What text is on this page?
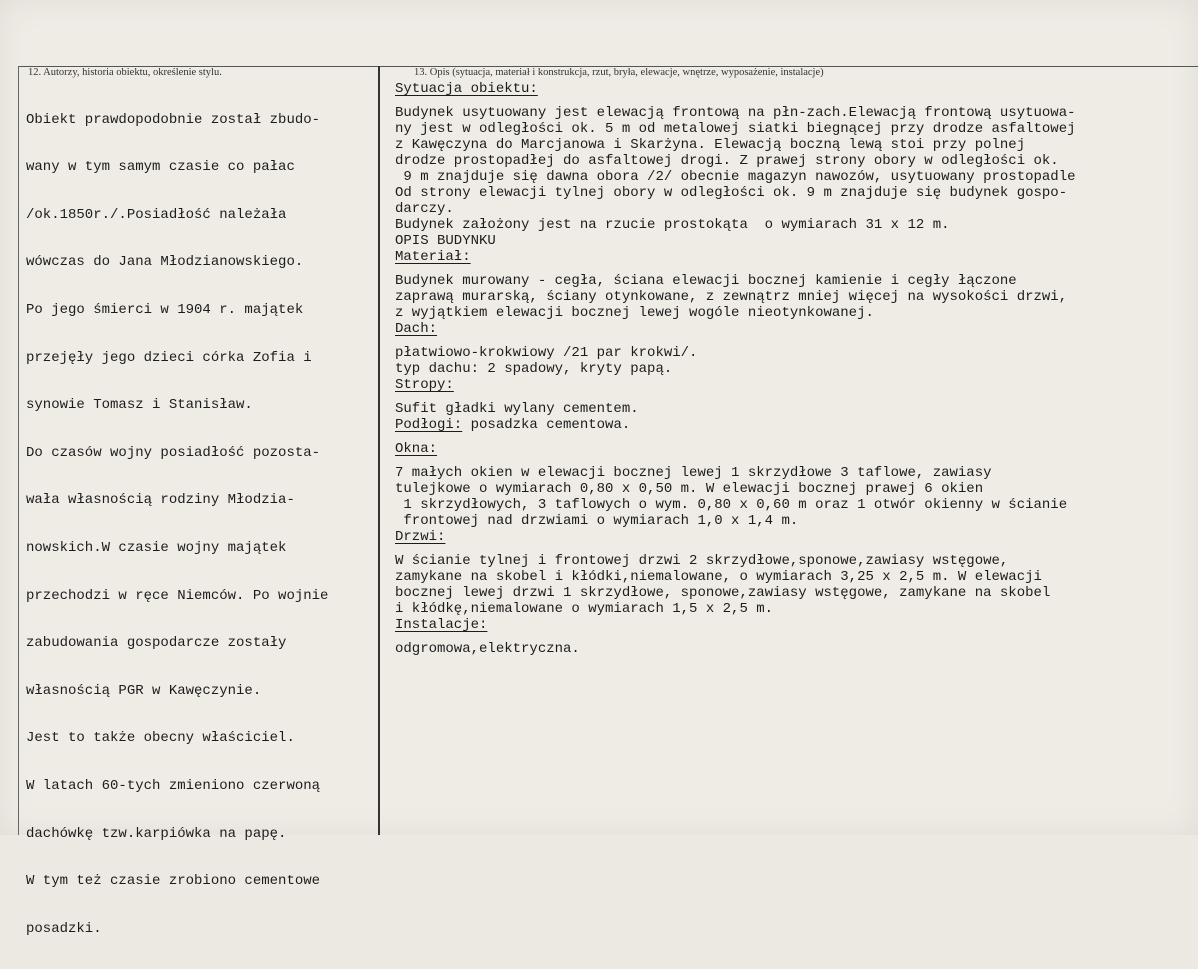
12. Autorzy, historia obiektu, określenie stylu.	13. Opis (sytuacja, materiał i konstrukcja, rzut, bryła, elewacje, wnętrze, wyposażenie, instalacje)

Obiekt prawdopodobnie został zbudo-

wany w tym samym czasie co pałac

/ok.1850r./.Posiadłość należała

wówczas do Jana Młodzianowskiego.

Po jego śmierci w 1904 r. majątek

przejęły jego dzieci córka Zofia i

synowie Tomasz i Stanisław.

Do czasów wojny posiadłość pozosta-

wała własnością rodziny Młodzia-

nowskich.W czasie wojny majątek

przechodzi w ręce Niemców. Po wojnie

zabudowania gospodarcze zostały

własnością PGR w Kawęczynie.

Jest to także obecny właściciel.

W latach 60-tych zmieniono czerwoną

dachówkę tzw.karpiówka na papę.

W tym też czasie zrobiono cementowe

posadzki.

Sytuacja obiektu:
Budynek usytuowany jest elewacją frontową na płn-zach.Elewacją frontową usytuowa-
ny jest w odległości ok. 5 m od metalowej siatki biegnącej przy drodze asfaltowej
z Kawęczyna do Marcjanowa i Skarżyna. Elewacją boczną lewą stoi przy polnej
drodze prostopadłej do asfaltowej drogi. Z prawej strony obory w odległości ok.
9 m znajduje się dawna obora /2/ obecnie magazyn nawozów, usytuowany prostopadle
Od strony elewacji tylnej obory w odległości ok. 9 m znajduje się budynek gospo-
darczy.
Budynek założony jest na rzucie prostokąta  o wymiarach 31 x 12 m.
OPIS BUDYNKU
Materiał:
Budynek murowany - cegła, ściana elewacji bocznej kamienie i cegły łączone
zaprawą murarską, ściany otynkowane, z zewnątrz mniej więcej na wysokości drzwi,
z wyjątkiem elewacji bocznej lewej wogóle nieotynkowanej.
Dach:
płatwiowo-krokwiowy /21 par krokwi/.
typ dachu: 2 spadowy, kryty papą.
Stropy:
Sufit gładki wylany cementem.
Podłogi: posadzka cementowa.
Okna:
7 małych okien w elewacji bocznej lewej 1 skrzydłowe 3 taflowe, zawiasy
tulejkowe o wymiarach 0,80 x 0,50 m. W elewacji bocznej prawej 6 okien
1 skrzydłowych, 3 taflowych o wym. 0,80 x 0,60 m oraz 1 otwór okienny w ścianie
frontowej nad drzwiami o wymiarach 1,0 x 1,4 m.
Drzwi:
W ścianie tylnej i frontowej drzwi 2 skrzydłowe,sponowe,zawiasy wstęgowe,
zamykane na skobel i kłódki,niemalowane, o wymiarach 3,25 x 2,5 m. W elewacji
bocznej lewej drzwi 1 skrzydłowe, sponowe,zawiasy wstęgowe, zamykane na skobel
i kłódkę,niemalowane o wymiarach 1,5 x 2,5 m.
Instalacje:
odgromowa,elektryczna.
